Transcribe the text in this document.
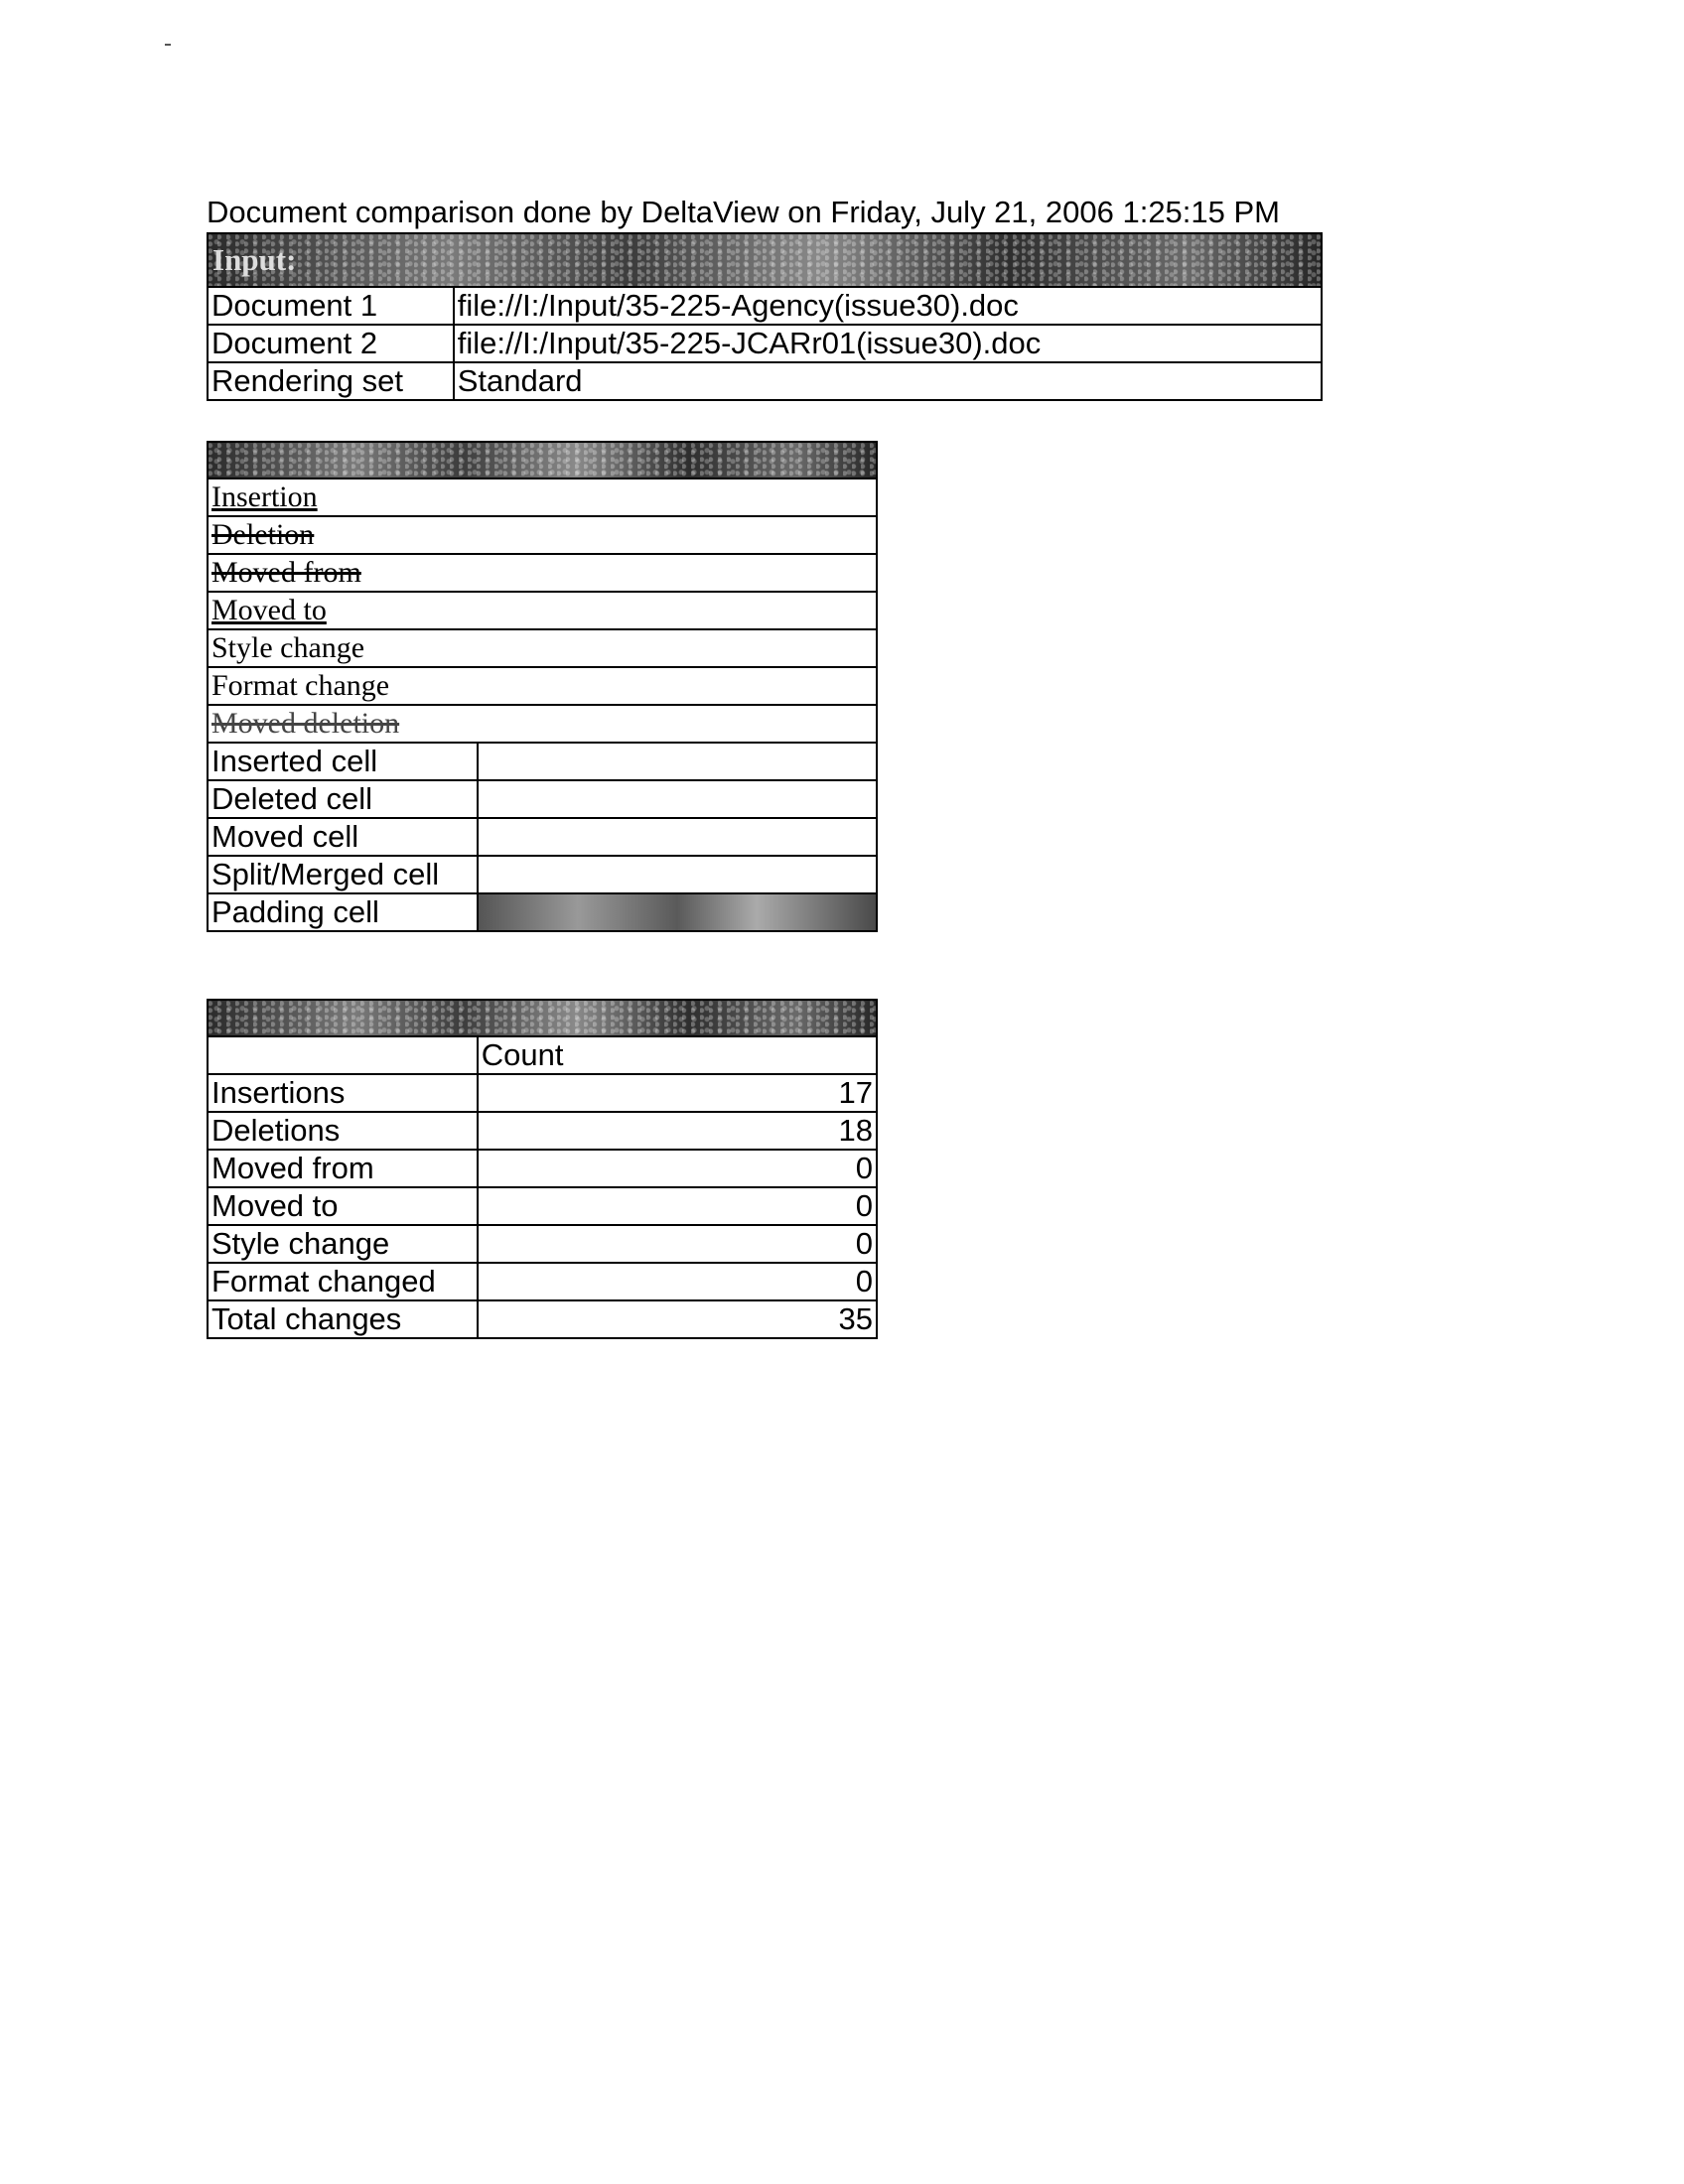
Document comparison done by DeltaView on Friday, July 21, 2006 1:25:15 PM
Input:	
Document 1	file://I:/Input/35-225-Agency(issue30).doc
Document 2	file://I:/Input/35-225-JCARr01(issue30).doc
Rendering set	Standard

Insertion	
Deletion	
Moved from	
Moved to	
Style change	
Format change	
Moved deletion	
Inserted cell	
Deleted cell	
Moved cell	
Split/Merged cell	
Padding cell	

	Count
Insertions	17
Deletions	18
Moved from	0
Moved to	0
Style change	0
Format changed	0
Total changes	35
